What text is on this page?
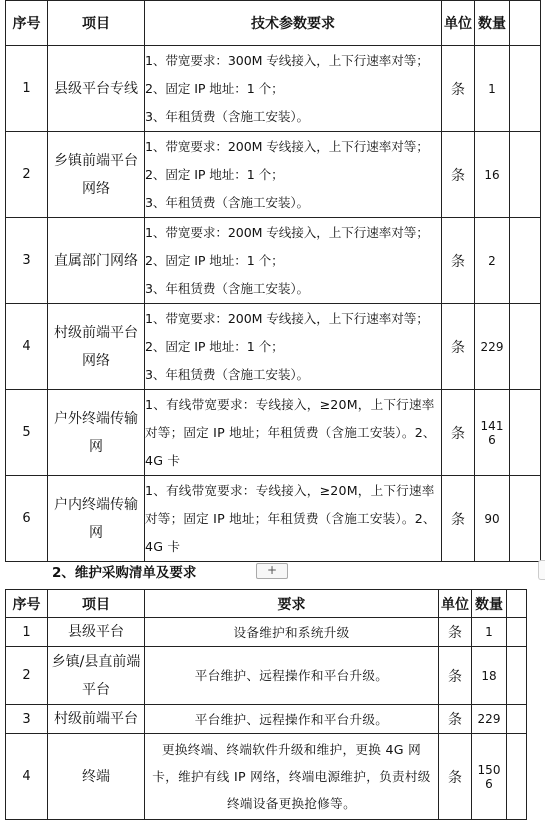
序号	项目	技术参数要求	单位	数量	
1	县级平台专线	1、带宽要求：300M 专线接入，上下行速率对等；
2、固定 IP 地址：1 个；
3、年租赁费（含施工安装）。	条	1	
2	乡镇前端平台网络	1、带宽要求：200M 专线接入，上下行速率对等；
2、固定 IP 地址：1 个；
3、年租赁费（含施工安装）。	条	16	
3	直属部门网络	1、带宽要求：200M 专线接入，上下行速率对等；
2、固定 IP 地址：1 个；
3、年租赁费（含施工安装）。	条	2	
4	村级前端平台网络	1、带宽要求：200M 专线接入，上下行速率对等；
2、固定 IP 地址：1 个；
3、年租赁费（含施工安装）。	条	229	
5	户外终端传输网	1、有线带宽要求：专线接入，≥20M，上下行速率对等；固定 IP 地址；年租赁费（含施工安装）。2、4G 卡	条	1416	
6	户内终端传输网	1、有线带宽要求：专线接入，≥20M，上下行速率对等；固定 IP 地址；年租赁费（含施工安装）。2、4G 卡	条	90	
2、维护采购清单及要求	+
序号	项目	要求	单位	数量	
1	县级平台	设备维护和系统升级	条	1	
2	乡镇/县直前端平台	平台维护、远程操作和平台升级。	条	18	
3	村级前端平台	平台维护、远程操作和平台升级。	条	229	
4	终端	更换终端、终端软件升级和维护，更换 4G 网卡，维护有线 IP 网络，终端电源维护，负责村级终端设备更换抢修等。	条	1506	
